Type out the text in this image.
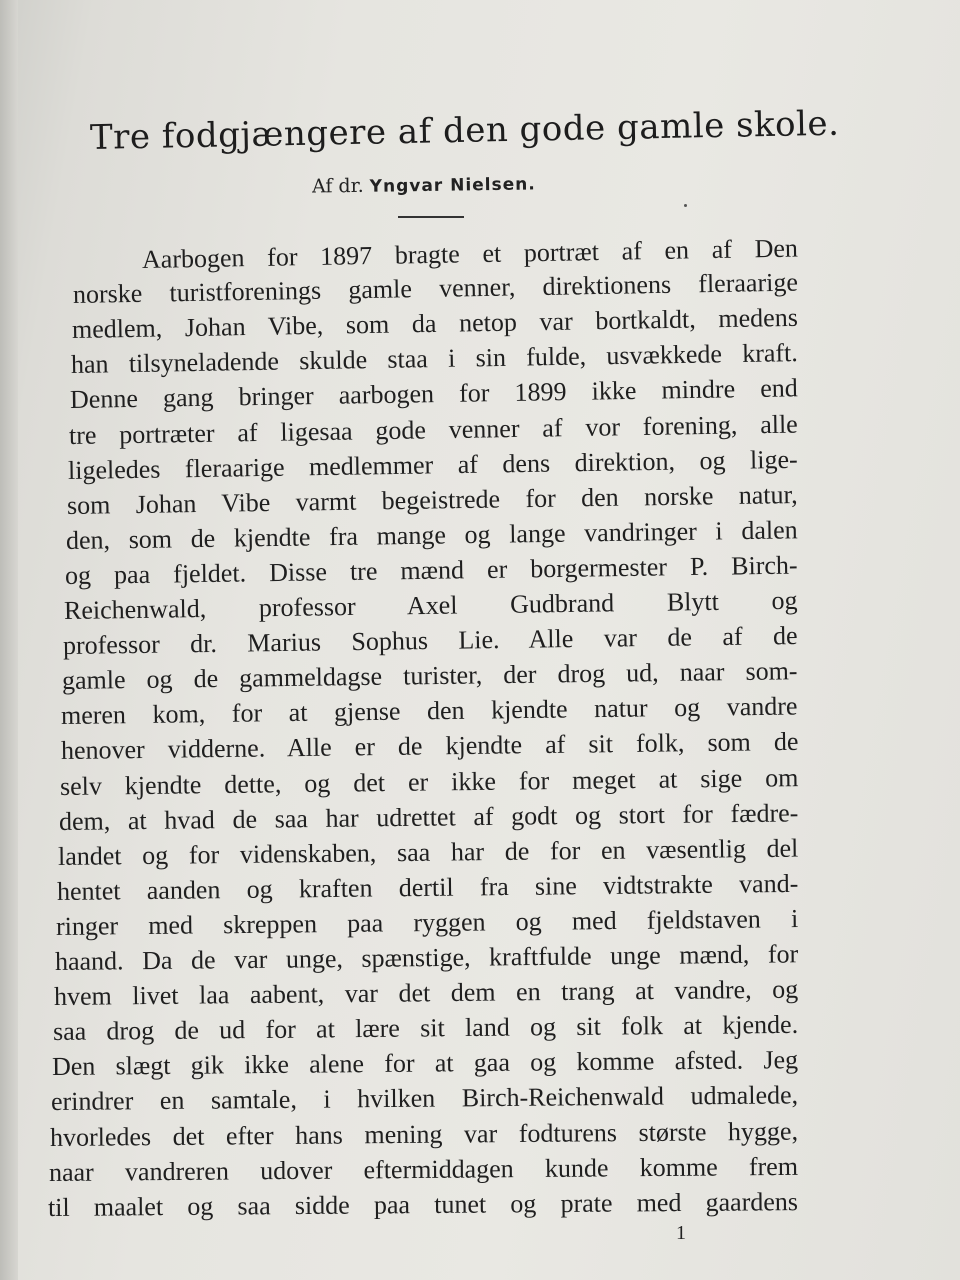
Tre fodgjængere af den gode gamle skole.
Af dr. Yngvar Nielsen.
Aarbogen for 1897 bragte et portræt af en af Den
norske turistforenings gamle venner, direktionens fleraarige
medlem, Johan Vibe, som da netop var bortkaldt, medens
han tilsyneladende skulde staa i sin fulde, usvækkede kraft.
Denne gang bringer aarbogen for 1899 ikke mindre end
tre portræter af ligesaa gode venner af vor forening, alle
ligeledes fleraarige medlemmer af dens direktion, og lige-
som Johan Vibe varmt begeistrede for den norske natur,
den, som de kjendte fra mange og lange vandringer i dalen
og paa fjeldet. Disse tre mænd er borgermester P. Birch-
Reichenwald, professor Axel Gudbrand Blytt og
professor dr. Marius Sophus Lie. Alle var de af de
gamle og de gammeldagse turister, der drog ud, naar som-
meren kom, for at gjense den kjendte natur og vandre
henover vidderne. Alle er de kjendte af sit folk, som de
selv kjendte dette, og det er ikke for meget at sige om
dem, at hvad de saa har udrettet af godt og stort for fædre-
landet og for videnskaben, saa har de for en væsentlig del
hentet aanden og kraften dertil fra sine vidtstrakte vand-
ringer med skreppen paa ryggen og med fjeldstaven i
haand. Da de var unge, spænstige, kraftfulde unge mænd, for
hvem livet laa aabent, var det dem en trang at vandre, og
saa drog de ud for at lære sit land og sit folk at kjende.
Den slægt gik ikke alene for at gaa og komme afsted. Jeg
erindrer en samtale, i hvilken Birch-Reichenwald udmalede,
hvorledes det efter hans mening var fodturens største hygge,
naar vandreren udover eftermiddagen kunde komme frem
til maalet og saa sidde paa tunet og prate med gaardens
1
